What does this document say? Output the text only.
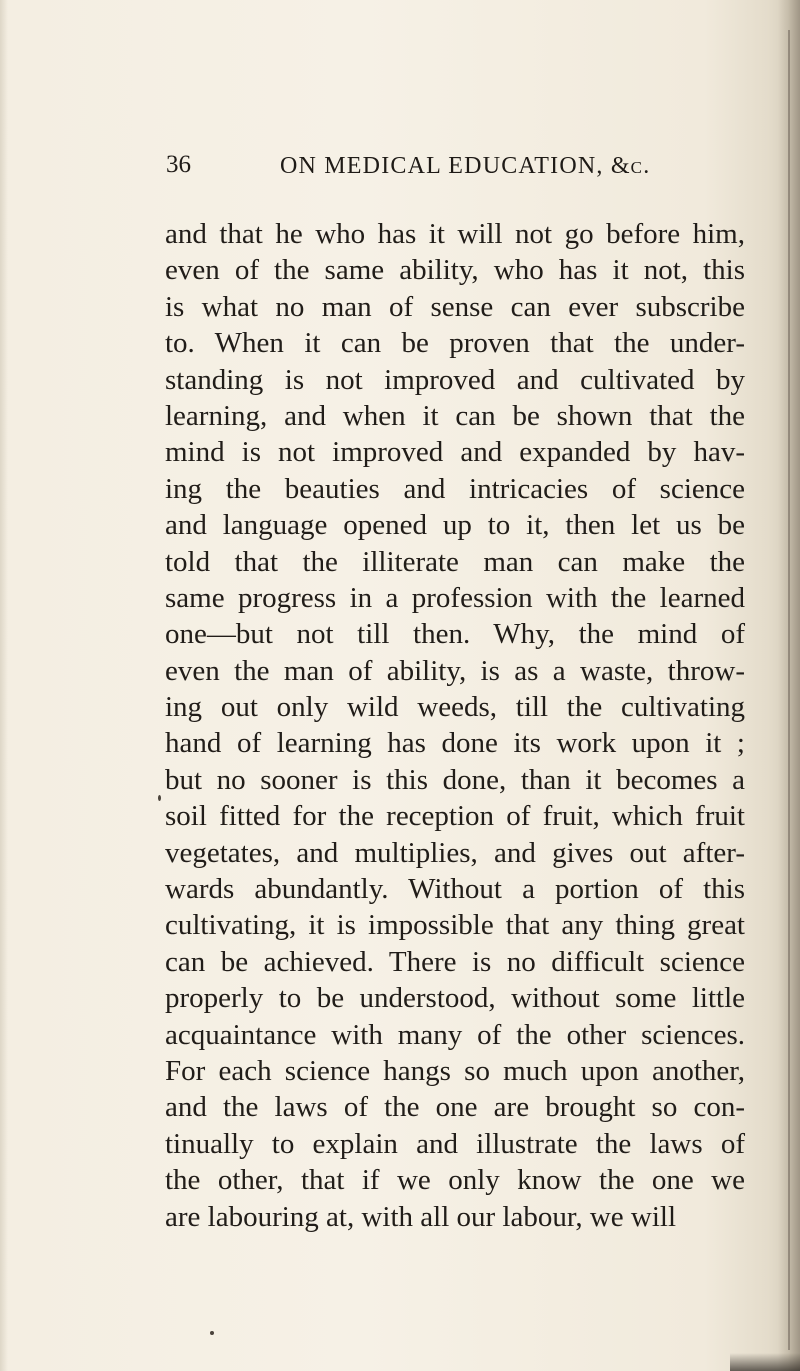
36	ON MEDICAL EDUCATION, &c.
and that he who has it will not go before him,
even of the same ability, who has it not, this
is what no man of sense can ever subscribe
to. When it can be proven that the under-
standing is not improved and cultivated by
learning, and when it can be shown that the
mind is not improved and expanded by hav-
ing the beauties and intricacies of science
and language opened up to it, then let us be
told that the illiterate man can make the
same progress in a profession with the learned
one—but not till then. Why, the mind of
even the man of ability, is as a waste, throw-
ing out only wild weeds, till the cultivating
hand of learning has done its work upon it ;
but no sooner is this done, than it becomes a
soil fitted for the reception of fruit, which fruit
vegetates, and multiplies, and gives out after-
wards abundantly. Without a portion of this
cultivating, it is impossible that any thing great
can be achieved. There is no difficult science
properly to be understood, without some little
acquaintance with many of the other sciences.
For each science hangs so much upon another,
and the laws of the one are brought so con-
tinually to explain and illustrate the laws of
the other, that if we only know the one we
are labouring at, with all our labour, we will
